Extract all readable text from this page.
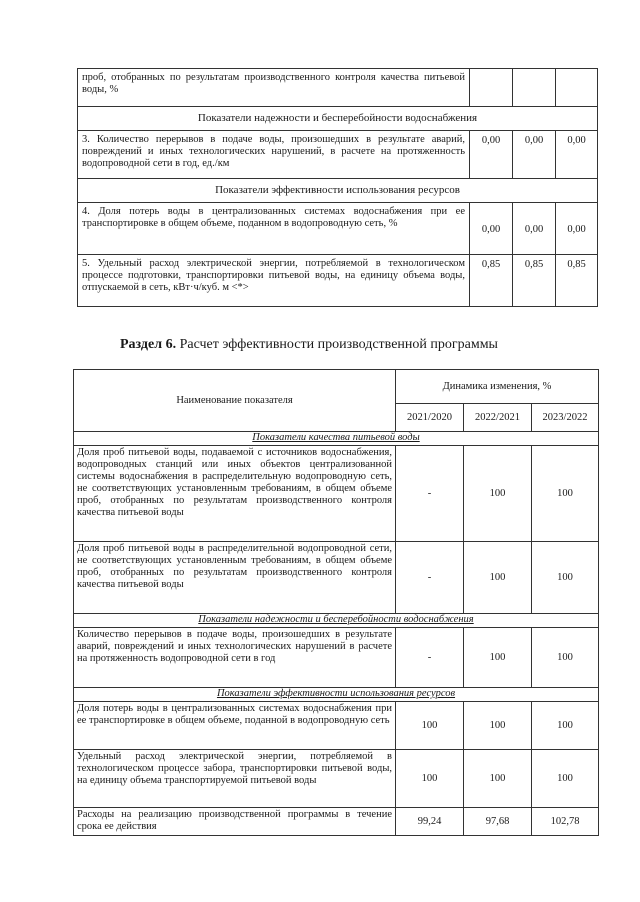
проб, отобранных по результатам производственного контроля качества питьевой воды, %			
Показатели надежности и бесперебойности водоснабжения			
3. Количество перерывов в подаче воды, произошедших в результате аварий, повреждений и иных технологических нарушений, в расчете на протяженность водопроводной сети в год, ед./км	0,00	0,00	0,00
Показатели эффективности использования ресурсов			
4. Доля потерь воды в централизованных системах водоснабжения при ее транспортировке в общем объеме, поданном в водопроводную сеть, %	0,00	0,00	0,00
5. Удельный расход электрической энергии, потребляемой в технологическом процессе подготовки, транспортировки питьевой воды, на единицу объема воды, отпускаемой в сеть, кВт·ч/куб. м <*>	0,85	0,85	0,85
Раздел 6. Расчет эффективности производственной программы
Наименование показателя	Динамика изменения, %		
	2021/2020	2022/2021	2023/2022
Показатели качества питьевой воды			
Доля проб питьевой воды, подаваемой с источников водоснабжения, водопроводных станций или иных объектов централизованной системы водоснабжения в распределительную водопроводную сеть, не соответствующих установленным требованиям, в общем объеме проб, отобранных по результатам производственного контроля качества питьевой воды	-	100	100
Доля проб питьевой воды в распределительной водопроводной сети, не соответствующих установленным требованиям, в общем объеме проб, отобранных по результатам производственного контроля качества питьевой воды	-	100	100
Показатели надежности и бесперебойности водоснабжения			
Количество перерывов в подаче воды, произошедших в результате аварий, повреждений и иных технологических нарушений в расчете на протяженность водопроводной сети в год	-	100	100
Показатели эффективности использования ресурсов			
Доля потерь воды в централизованных системах водоснабжения при ее транспортировке в общем объеме, поданной в водопроводную сеть	100	100	100
Удельный расход электрической энергии, потребляемой в технологическом процессе забора, транспортировки питьевой воды, на единицу объема транспортируемой питьевой воды	100	100	100
Расходы на реализацию производственной программы в течение срока ее действия	99,24	97,68	102,78
